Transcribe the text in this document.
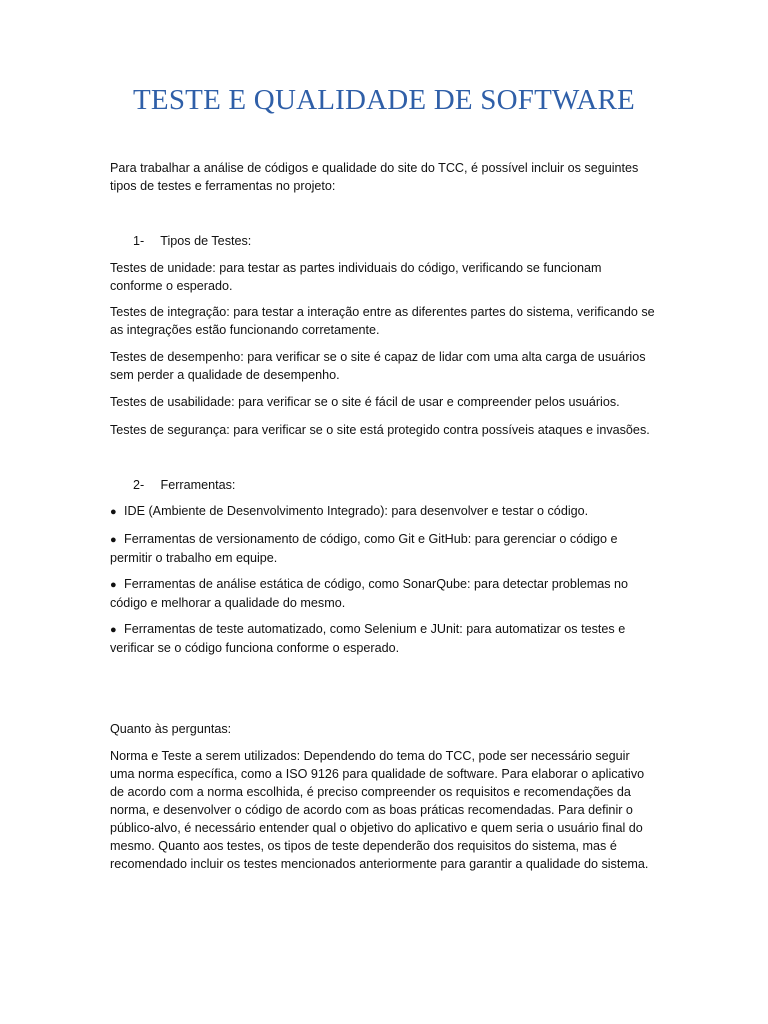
TESTE E QUALIDADE DE SOFTWARE

Para trabalhar a análise de códigos e qualidade do site do TCC, é possível incluir os seguintes tipos de testes e ferramentas no projeto:

1- Tipos de Testes:

Testes de unidade: para testar as partes individuais do código, verificando se funcionam conforme o esperado.

Testes de integração: para testar a interação entre as diferentes partes do sistema, verificando se as integrações estão funcionando corretamente.

Testes de desempenho: para verificar se o site é capaz de lidar com uma alta carga de usuários sem perder a qualidade de desempenho.

Testes de usabilidade: para verificar se o site é fácil de usar e compreender pelos usuários.

Testes de segurança: para verificar se o site está protegido contra possíveis ataques e invasões.

2- Ferramentas:

● IDE (Ambiente de Desenvolvimento Integrado): para desenvolver e testar o código.

● Ferramentas de versionamento de código, como Git e GitHub: para gerenciar o código e permitir o trabalho em equipe.

● Ferramentas de análise estática de código, como SonarQube: para detectar problemas no código e melhorar a qualidade do mesmo.

● Ferramentas de teste automatizado, como Selenium e JUnit: para automatizar os testes e verificar se o código funciona conforme o esperado.

Quanto às perguntas:

Norma e Teste a serem utilizados: Dependendo do tema do TCC, pode ser necessário seguir uma norma específica, como a ISO 9126 para qualidade de software. Para elaborar o aplicativo de acordo com a norma escolhida, é preciso compreender os requisitos e recomendações da norma, e desenvolver o código de acordo com as boas práticas recomendadas. Para definir o público-alvo, é necessário entender qual o objetivo do aplicativo e quem seria o usuário final do mesmo. Quanto aos testes, os tipos de teste dependerão dos requisitos do sistema, mas é recomendado incluir os testes mencionados anteriormente para garantir a qualidade do sistema.
